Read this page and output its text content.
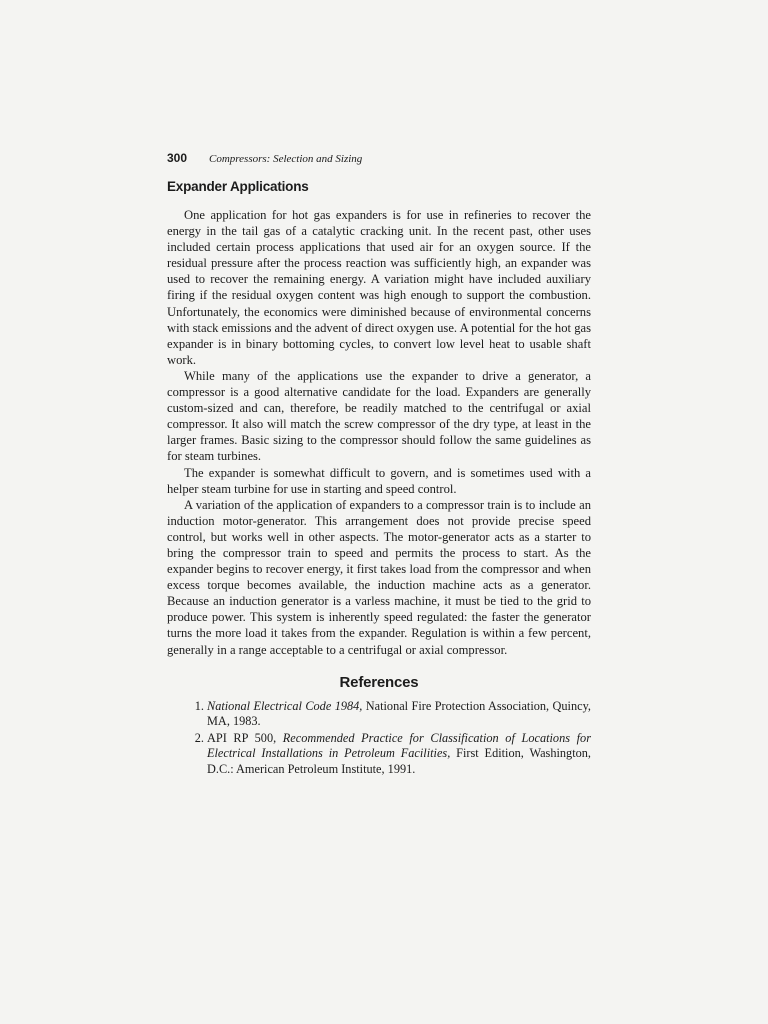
300	Compressors: Selection and Sizing
Expander Applications

One application for hot gas expanders is for use in refineries to recover the energy in the tail gas of a catalytic cracking unit. In the recent past, other uses included certain process applications that used air for an oxygen source. If the residual pressure after the process reaction was sufficiently high, an expander was used to recover the remaining energy. A variation might have included auxiliary firing if the residual oxygen content was high enough to support the combustion. Unfortunately, the economics were diminished because of environmental concerns with stack emissions and the advent of direct oxygen use. A potential for the hot gas expander is in binary bottoming cycles, to convert low level heat to usable shaft work.

While many of the applications use the expander to drive a generator, a compressor is a good alternative candidate for the load. Expanders are generally custom-sized and can, therefore, be readily matched to the centrifugal or axial compressor. It also will match the screw compressor of the dry type, at least in the larger frames. Basic sizing to the compressor should follow the same guidelines as for steam turbines.

The expander is somewhat difficult to govern, and is sometimes used with a helper steam turbine for use in starting and speed control.

A variation of the application of expanders to a compressor train is to include an induction motor-generator. This arrangement does not provide precise speed control, but works well in other aspects. The motor-generator acts as a starter to bring the compressor train to speed and permits the process to start. As the expander begins to recover energy, it first takes load from the compressor and when excess torque becomes available, the induction machine acts as a generator. Because an induction generator is a varless machine, it must be tied to the grid to produce power. This system is inherently speed regulated: the faster the generator turns the more load it takes from the expander. Regulation is within a few percent, generally in a range acceptable to a centrifugal or axial compressor.

References
1. National Electrical Code 1984, National Fire Protection Association, Quincy, MA, 1983.
2. API RP 500, Recommended Practice for Classification of Locations for Electrical Installations in Petroleum Facilities, First Edition, Washington, D.C.: American Petroleum Institute, 1991.
